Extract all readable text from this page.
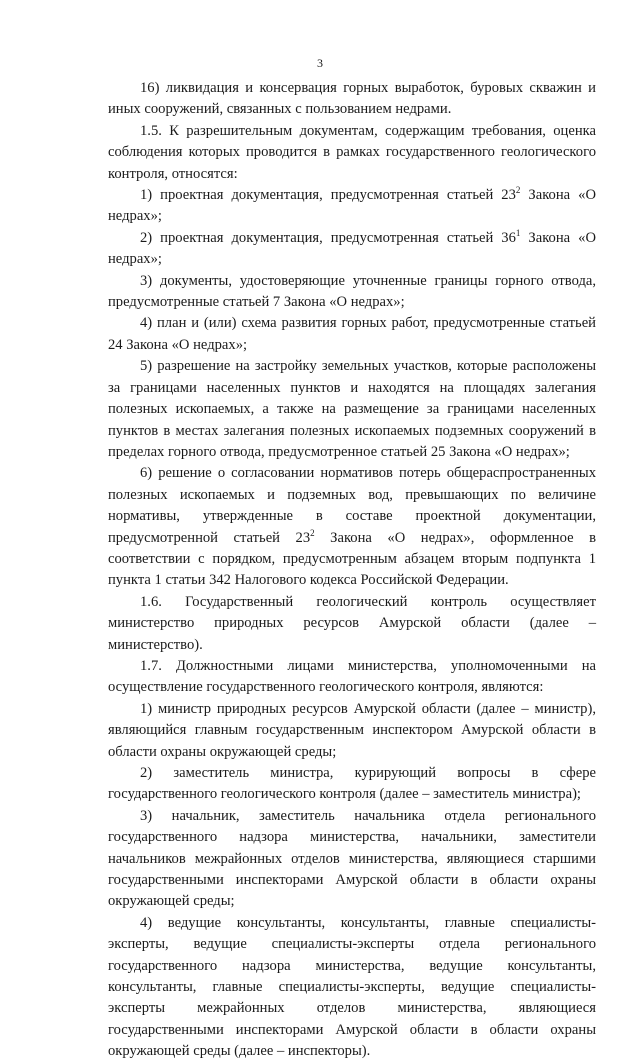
3

16) ликвидация и консервация горных выработок, буровых скважин и иных сооружений, связанных с пользованием недрами.

1.5. К разрешительным документам, содержащим требования, оценка соблюдения которых проводится в рамках государственного геологического контроля, относятся:

1) проектная документация, предусмотренная статьей $23^2$ Закона «О недрах»;

2) проектная документация, предусмотренная статьей $36^1$ Закона «О недрах»;

3) документы, удостоверяющие уточненные границы горного отвода, предусмотренные статьей 7 Закона «О недрах»;

4) план и (или) схема развития горных работ, предусмотренные статьей 24 Закона «О недрах»;

5) разрешение на застройку земельных участков, которые расположены за границами населенных пунктов и находятся на площадях залегания полезных ископаемых, а также на размещение за границами населенных пунктов в местах залегания полезных ископаемых подземных сооружений в пределах горного отвода, предусмотренное статьей 25 Закона «О недрах»;

6) решение о согласовании нормативов потерь общераспространенных полезных ископаемых и подземных вод, превышающих по величине нормативы, утвержденные в составе проектной документации, предусмотренной статьей $23^2$ Закона «О недрах», оформленное в соответствии с порядком, предусмотренным абзацем вторым подпункта 1 пункта 1 статьи 342 Налогового кодекса Российской Федерации.

1.6. Государственный геологический контроль осуществляет министерство природных ресурсов Амурской области (далее – министерство).

1.7. Должностными лицами министерства, уполномоченными на осуществление государственного геологического контроля, являются:

1) министр природных ресурсов Амурской области (далее – министр), являющийся главным государственным инспектором Амурской области в области охраны окружающей среды;

2) заместитель министра, курирующий вопросы в сфере государственного геологического контроля (далее – заместитель министра);

3) начальник, заместитель начальника отдела регионального государственного надзора министерства, начальники, заместители начальников межрайонных отделов министерства, являющиеся старшими государственными инспекторами Амурской области в области охраны окружающей среды;

4) ведущие консультанты, консультанты, главные специалисты-эксперты, ведущие специалисты-эксперты отдела регионального государственного надзора министерства, ведущие консультанты, консультанты, главные специалисты-эксперты, ведущие специалисты-эксперты межрайонных отделов министерства, являющиеся государственными инспекторами Амурской области в области охраны окружающей среды (далее – инспекторы).
